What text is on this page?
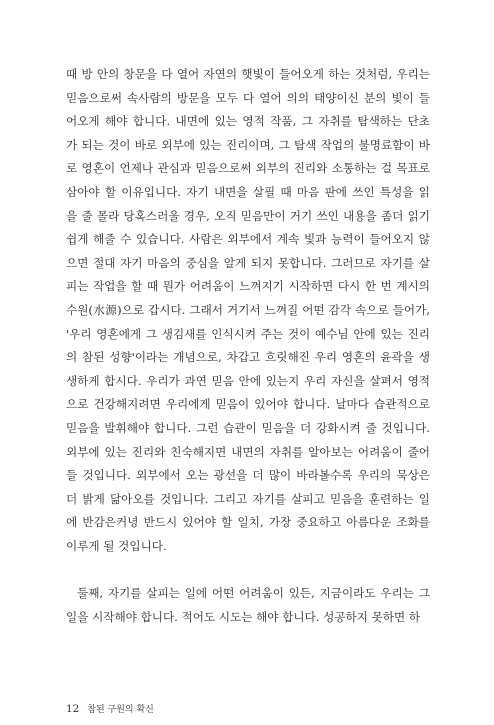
때 방 안의 창문을 다 열어 자연의 햇빛이 들어오게 하는 것처럼, 우리는
믿음으로써 속사람의 방문을 모두 다 열어 의의 태양이신 분의 빛이 들
어오게 해야 합니다. 내면에 있는 영적 작품, 그 자취를 탐색하는 단초
가 되는 것이 바로 외부에 있는 진리이며, 그 탐색 작업의 불명료함이 바
로 영혼이 언제나 관심과 믿음으로써 외부의 진리와 소통하는 걸 목표로
삼아야 할 이유입니다. 자기 내면을 살필 때 마음 판에 쓰인 특성을 읽
을 줄 몰라 당혹스러울 경우, 오직 믿음만이 거기 쓰인 내용을 좀더 읽기
쉽게 해줄 수 있습니다. 사람은 외부에서 계속 빛과 능력이 들어오지 않
으면 절대 자기 마음의 중심을 알게 되지 못합니다. 그러므로 자기를 살
피는 작업을 할 때 뭔가 어려움이 느껴지기 시작하면 다시 한 번 계시의
수원(水源)으로 갑시다. 그래서 거기서 느껴질 어떤 감각 속으로 들어가,
'우리 영혼에게 그 생김새를 인식시켜 주는 것이 예수님 안에 있는 진리
의 참된 성향'이라는 개념으로, 차갑고 흐릿해진 우리 영혼의 윤곽을 생
생하게 합시다. 우리가 과연 믿음 안에 있는지 우리 자신을 살펴서 영적
으로 건강해지려면 우리에게 믿음이 있어야 합니다. 날마다 습관적으로
믿음을 발휘해야 합니다. 그런 습관이 믿음을 더 강화시켜 줄 것입니다.
외부에 있는 진리와 친숙해지면 내면의 자취를 알아보는 어려움이 줄어
들 것입니다. 외부에서 오는 광선을 더 많이 바라볼수록 우리의 묵상은
더 밝게 닮아오를 것입니다. 그리고 자기를 살피고 믿음을 훈련하는 일
에 반감은커녕 반드시 있어야 할 일치, 가장 중요하고 아름다운 조화를
이루게 될 것입니다.
둘째, 자기를 살피는 일에 어떤 어려움이 있든, 지금이라도 우리는 그
일을 시작해야 합니다. 적어도 시도는 해야 합니다. 성공하지 못하면 하
12 참된 구원의 확신
